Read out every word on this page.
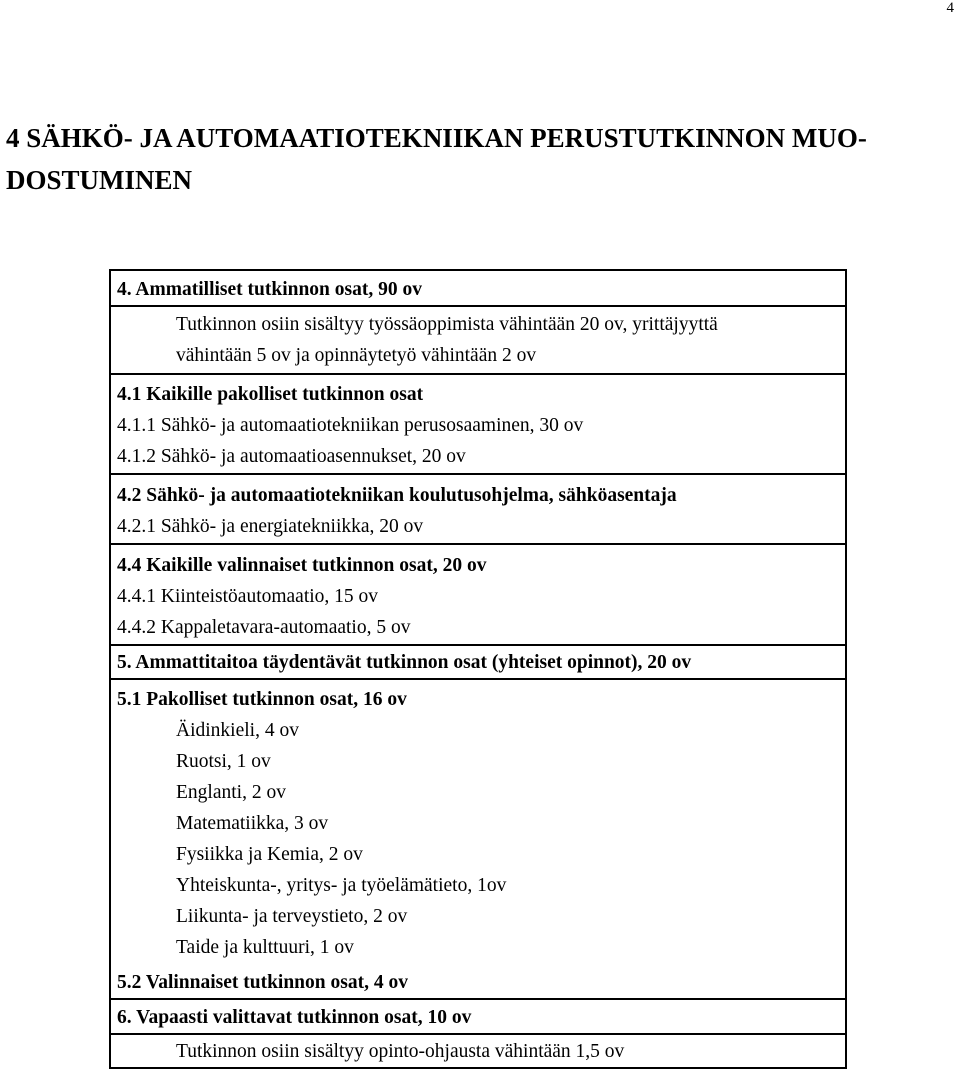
4
4 SÄHKÖ- JA AUTOMAATIOTEKNIIKAN PERUSTUTKINNON MUO-
DOSTUMINEN
4. Ammatilliset tutkinnon osat, 90 ov
Tutkinnon osiin sisältyy työssäoppimista vähintään 20 ov, yrittäjyyttä
vähintään 5 ov ja opinnäytetyö vähintään 2 ov
4.1 Kaikille pakolliset tutkinnon osat
4.1.1 Sähkö- ja automaatiotekniikan perusosaaminen, 30 ov
4.1.2 Sähkö- ja automaatioasennukset, 20 ov
4.2 Sähkö- ja automaatiotekniikan koulutusohjelma, sähköasentaja
4.2.1 Sähkö- ja energiatekniikka, 20 ov
4.4 Kaikille valinnaiset tutkinnon osat, 20 ov
4.4.1 Kiinteistöautomaatio, 15 ov
4.4.2 Kappaletavara-automaatio, 5 ov
5. Ammattitaitoa täydentävät tutkinnon osat (yhteiset opinnot), 20 ov
5.1 Pakolliset tutkinnon osat, 16 ov
Äidinkieli, 4 ov
Ruotsi, 1 ov
Englanti, 2 ov
Matematiikka, 3 ov
Fysiikka ja Kemia, 2 ov
Yhteiskunta-, yritys- ja työelämätieto, 1ov
Liikunta- ja terveystieto, 2 ov
Taide ja kulttuuri, 1 ov
5.2 Valinnaiset tutkinnon osat, 4 ov
6. Vapaasti valittavat tutkinnon osat, 10 ov
Tutkinnon osiin sisältyy opinto-ohjausta vähintään 1,5 ov
